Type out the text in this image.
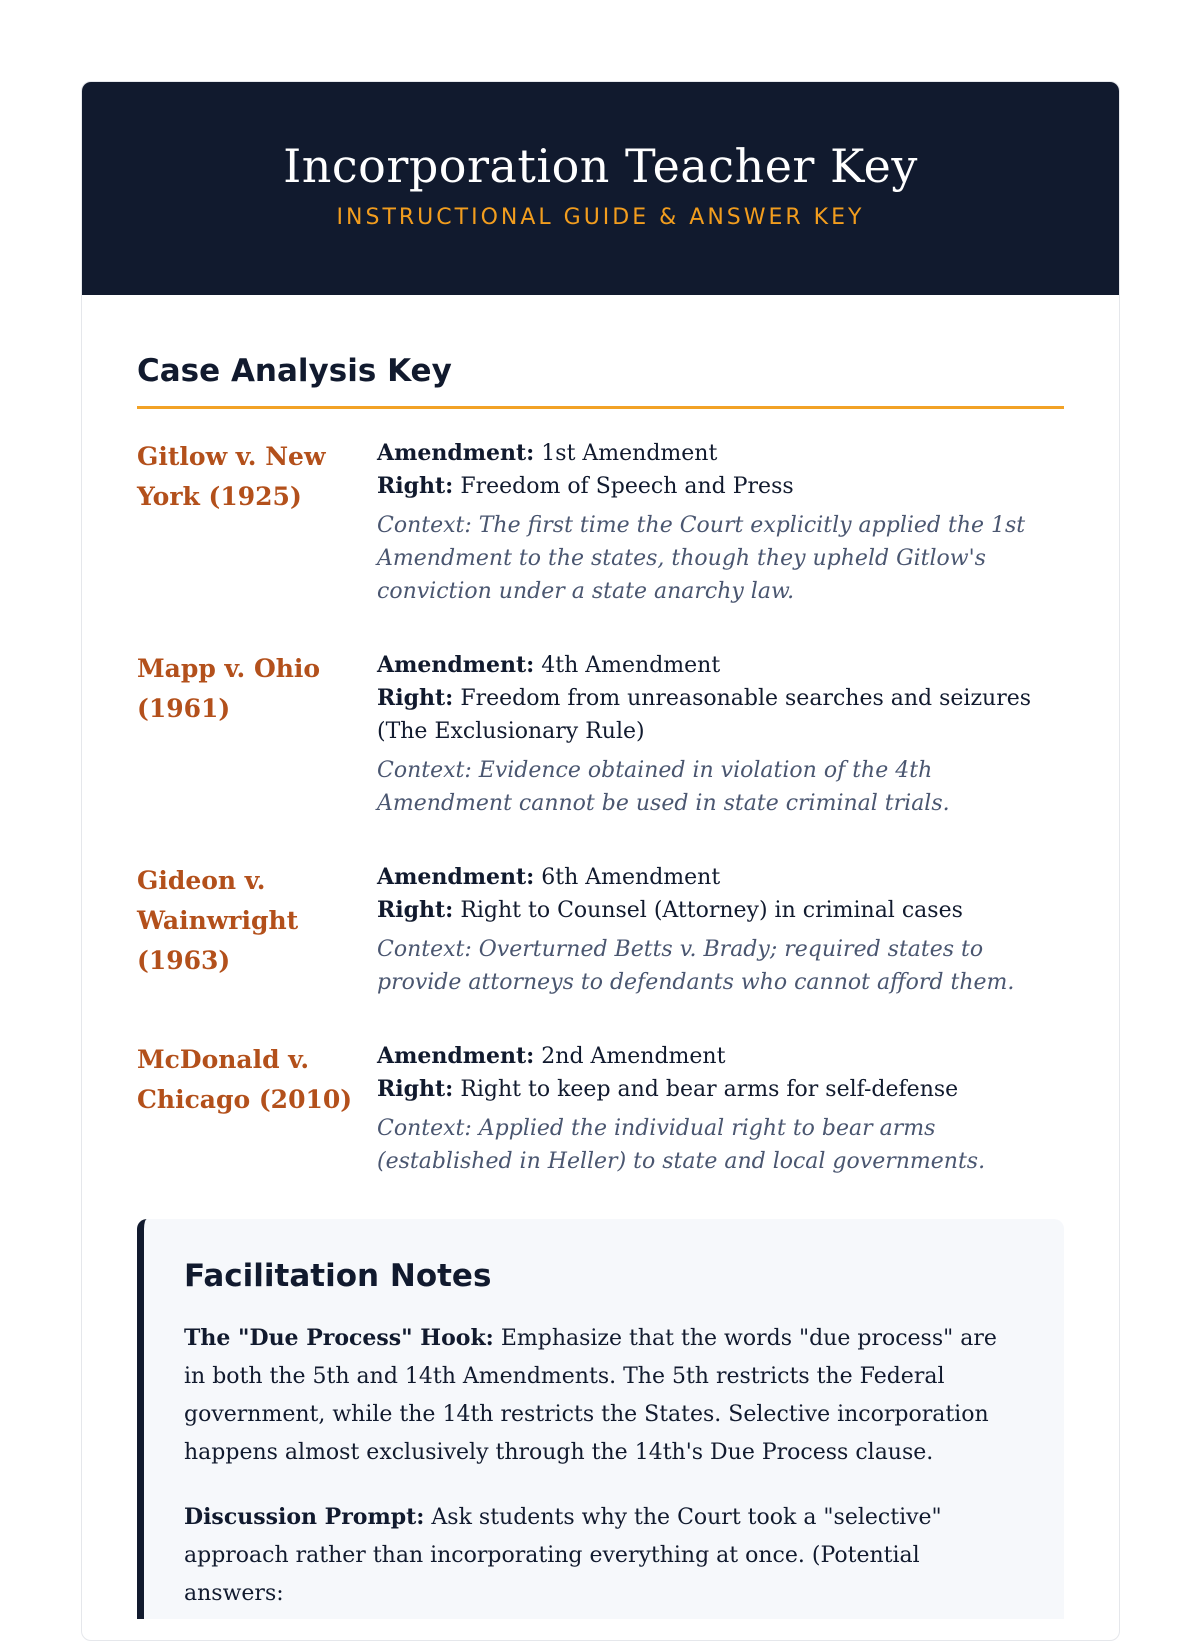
Incorporation Teacher Key
INSTRUCTIONAL GUIDE & ANSWER KEY
Case Analysis Key
Gitlow v. New York (1925)
Amendment: 1st Amendment
Right: Freedom of Speech and Press
Context: The first time the Court explicitly applied the 1st Amendment to the states, though they upheld Gitlow's conviction under a state anarchy law.
Mapp v. Ohio (1961)
Amendment: 4th Amendment
Right: Freedom from unreasonable searches and seizures (The Exclusionary Rule)
Context: Evidence obtained in violation of the 4th Amendment cannot be used in state criminal trials.
Gideon v. Wainwright (1963)
Amendment: 6th Amendment
Right: Right to Counsel (Attorney) in criminal cases
Context: Overturned Betts v. Brady; required states to provide attorneys to defendants who cannot afford them.
McDonald v. Chicago (2010)
Amendment: 2nd Amendment
Right: Right to keep and bear arms for self-defense
Context: Applied the individual right to bear arms (established in Heller) to state and local governments.
Facilitation Notes

The "Due Process" Hook: Emphasize that the words "due process" are in both the 5th and 14th Amendments. The 5th restricts the Federal government, while the 14th restricts the States. Selective incorporation happens almost exclusively through the 14th's Due Process clause.

Discussion Prompt: Ask students why the Court took a "selective" approach rather than incorporating everything at once. (Potential answers:
